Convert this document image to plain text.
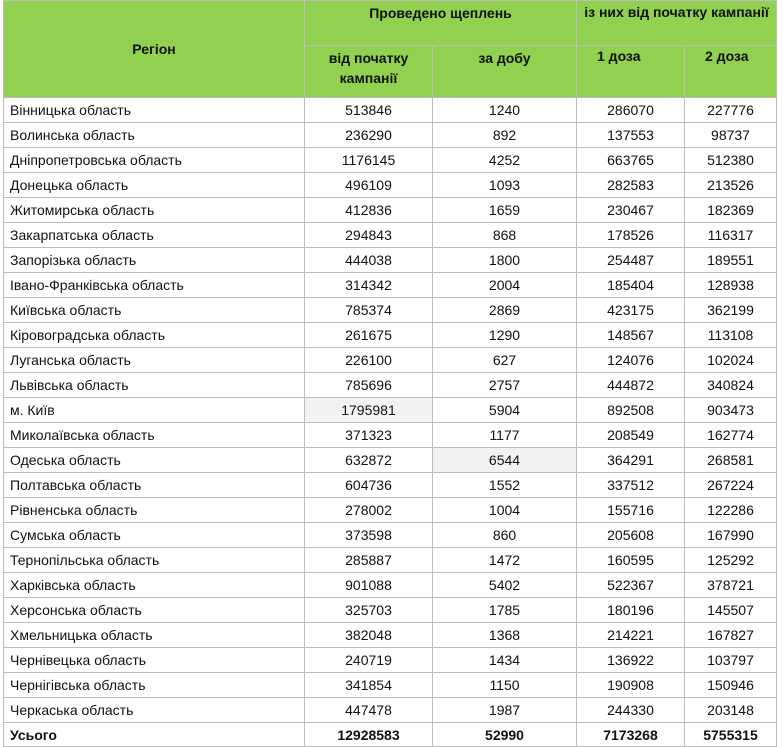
Регіон	Проведено щеплень		із них від початку кампанії	
	від початку кампанії	за добу	1 доза	2 доза
Вінницька область	513846	1240	286070	227776
Волинська область	236290	892	137553	98737
Дніпропетровська область	1176145	4252	663765	512380
Донецька область	496109	1093	282583	213526
Житомирська область	412836	1659	230467	182369
Закарпатська область	294843	868	178526	116317
Запорізька область	444038	1800	254487	189551
Івано-Франківська область	314342	2004	185404	128938
Київська область	785374	2869	423175	362199
Кіровоградська область	261675	1290	148567	113108
Луганська область	226100	627	124076	102024
Львівська область	785696	2757	444872	340824
м. Київ	1795981	5904	892508	903473
Миколаївська область	371323	1177	208549	162774
Одеська область	632872	6544	364291	268581
Полтавська область	604736	1552	337512	267224
Рівненська область	278002	1004	155716	122286
Сумська область	373598	860	205608	167990
Тернопільська область	285887	1472	160595	125292
Харківська область	901088	5402	522367	378721
Херсонська область	325703	1785	180196	145507
Хмельницька область	382048	1368	214221	167827
Чернівецька область	240719	1434	136922	103797
Чернігівська область	341854	1150	190908	150946
Черкаська область	447478	1987	244330	203148
Усього	12928583	52990	7173268	5755315
